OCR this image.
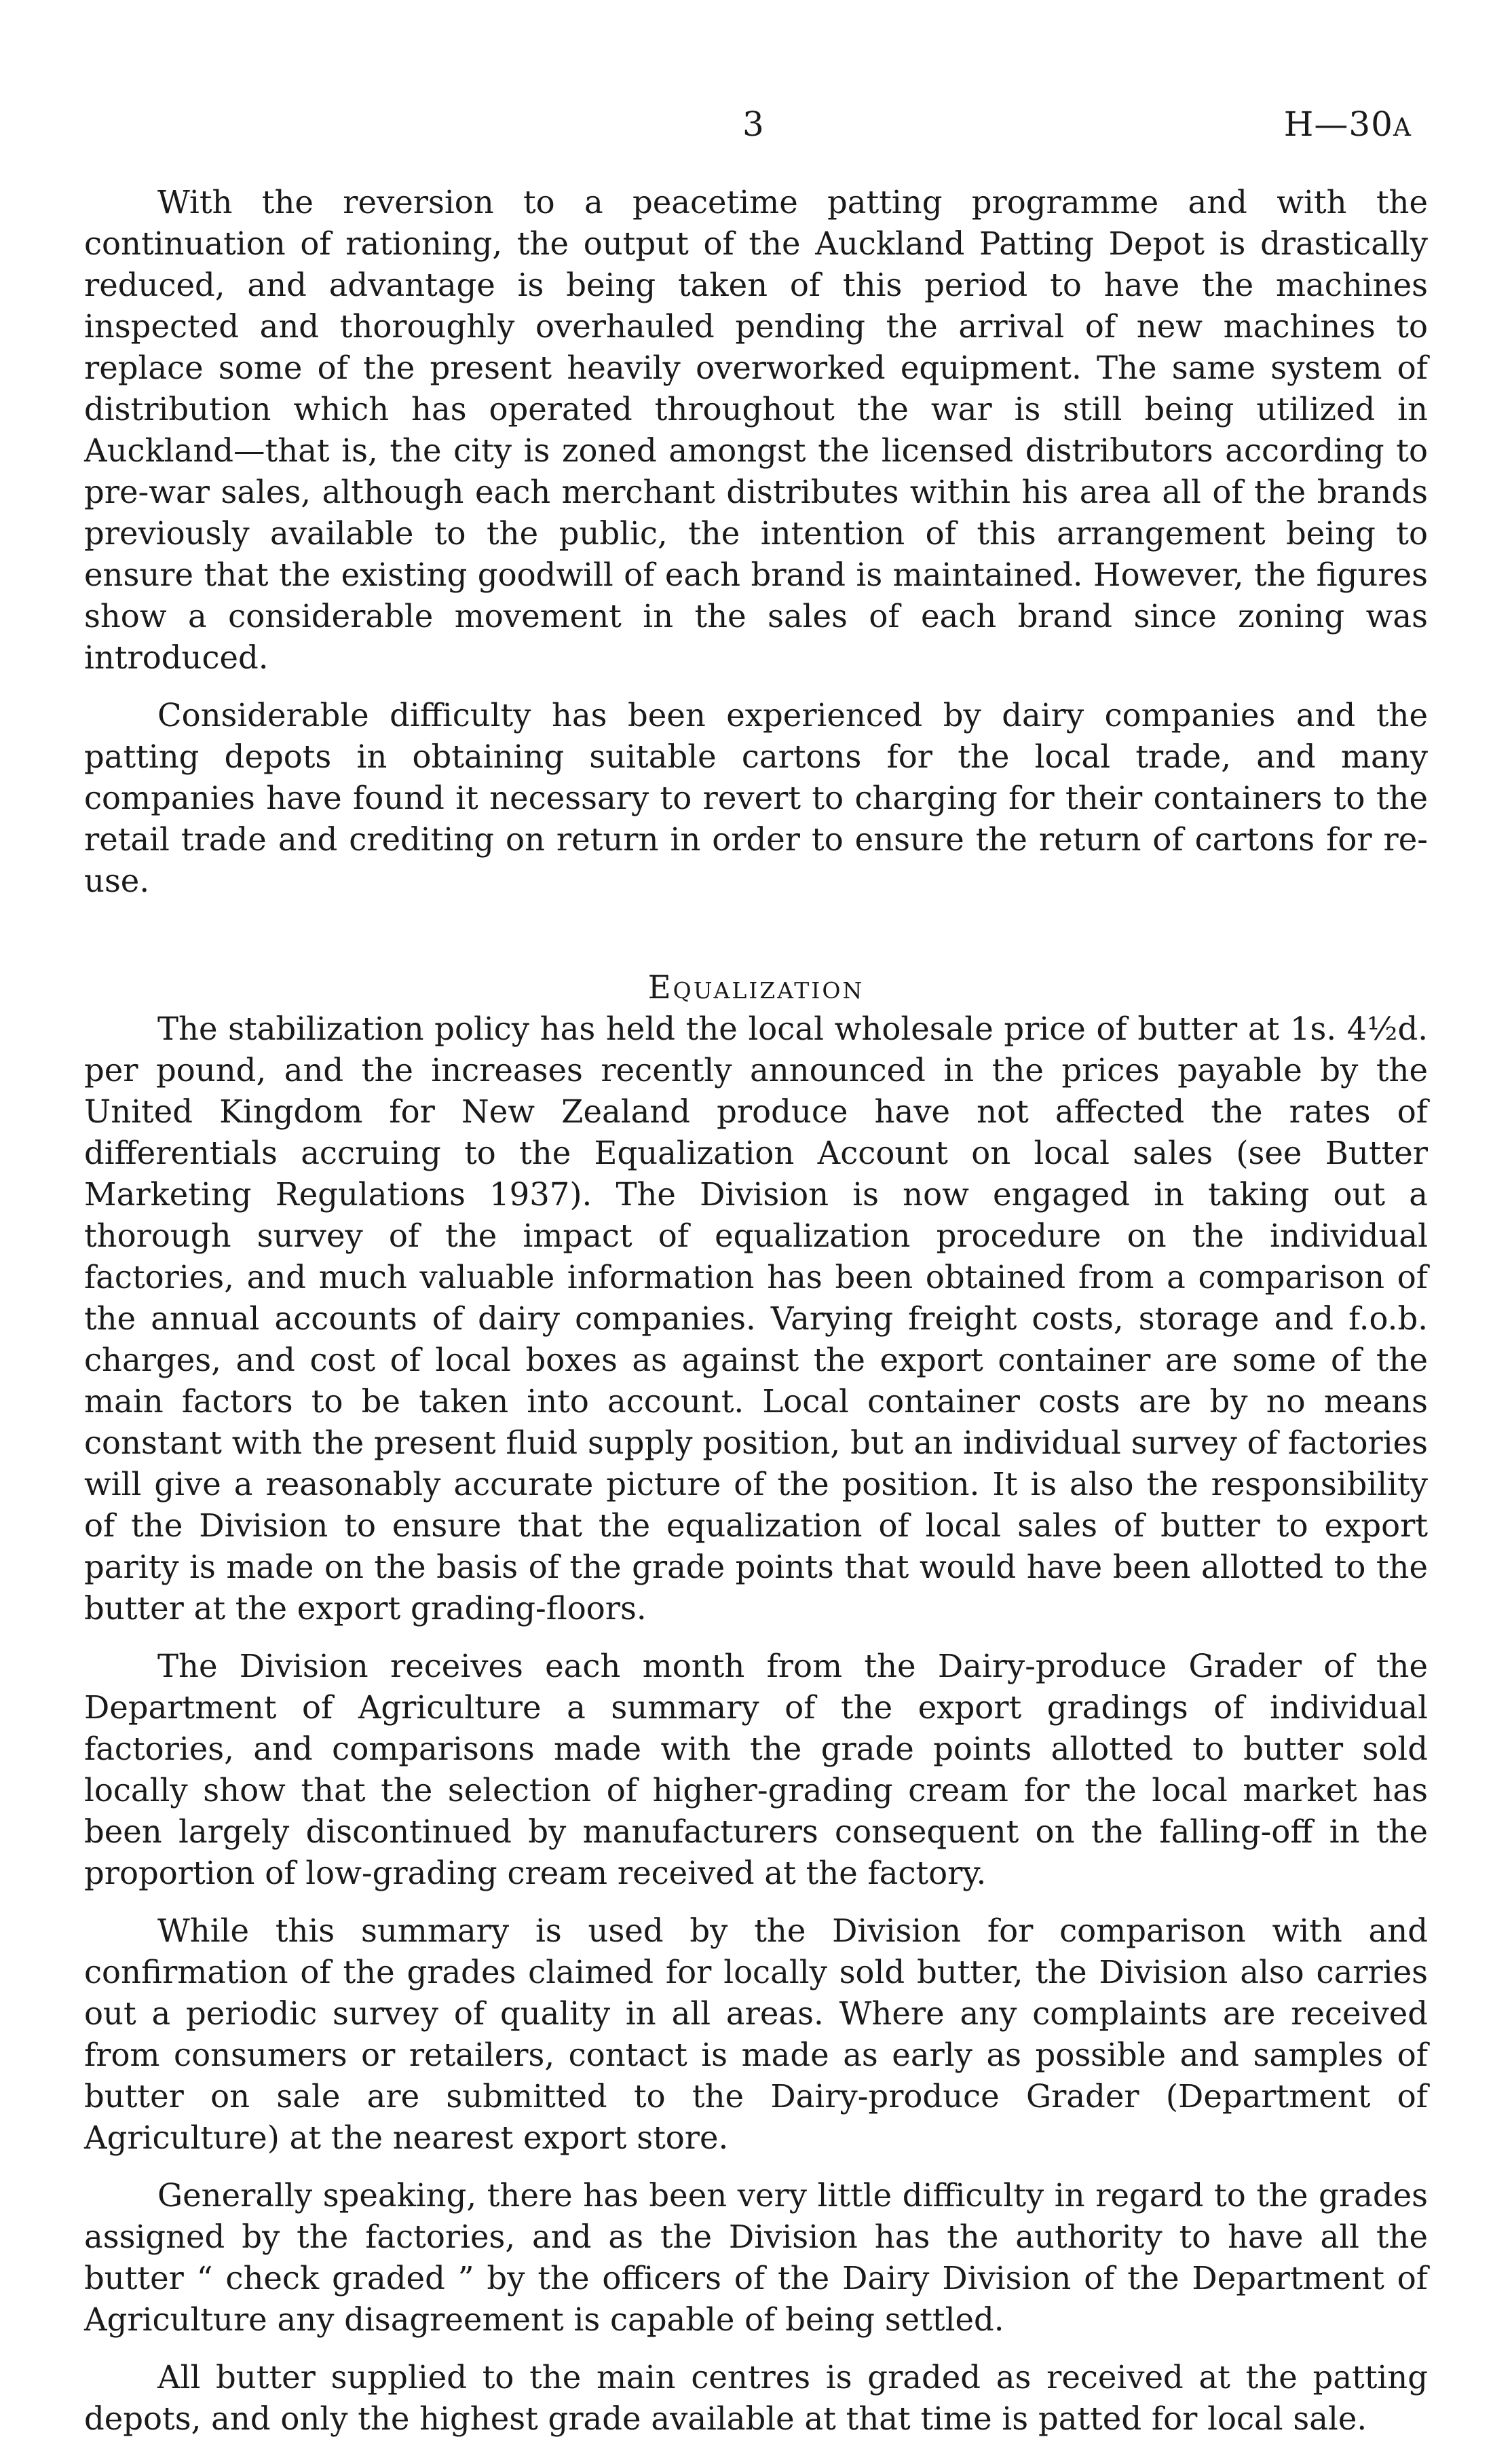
3	H—30A

With the reversion to a peacetime patting programme and with the continuation of rationing, the output of the Auckland Patting Depot is drastically reduced, and advantage is being taken of this period to have the machines inspected and thoroughly overhauled pending the arrival of new machines to replace some of the present heavily overworked equipment. The same system of distribution which has operated throughout the war is still being utilized in Auckland—that is, the city is zoned amongst the licensed distributors according to pre-war sales, although each merchant distributes within his area all of the brands previously available to the public, the intention of this arrangement being to ensure that the existing goodwill of each brand is maintained. However, the figures show a considerable movement in the sales of each brand since zoning was introduced.

Considerable difficulty has been experienced by dairy companies and the patting depots in obtaining suitable cartons for the local trade, and many companies have found it necessary to revert to charging for their containers to the retail trade and crediting on return in order to ensure the return of cartons for re-use.

Equalization

The stabilization policy has held the local wholesale price of butter at 1s. 4½d. per pound, and the increases recently announced in the prices payable by the United Kingdom for New Zealand produce have not affected the rates of differentials accruing to the Equalization Account on local sales (see Butter Marketing Regulations 1937). The Division is now engaged in taking out a thorough survey of the impact of equalization procedure on the individual factories, and much valuable information has been obtained from a comparison of the annual accounts of dairy companies. Varying freight costs, storage and f.o.b. charges, and cost of local boxes as against the export container are some of the main factors to be taken into account. Local container costs are by no means constant with the present fluid supply position, but an individual survey of factories will give a reasonably accurate picture of the position. It is also the responsibility of the Division to ensure that the equalization of local sales of butter to export parity is made on the basis of the grade points that would have been allotted to the butter at the export grading-floors.

The Division receives each month from the Dairy-produce Grader of the Department of Agriculture a summary of the export gradings of individual factories, and comparisons made with the grade points allotted to butter sold locally show that the selection of higher-grading cream for the local market has been largely discontinued by manufacturers consequent on the falling-off in the proportion of low-grading cream received at the factory.

While this summary is used by the Division for comparison with and confirmation of the grades claimed for locally sold butter, the Division also carries out a periodic survey of quality in all areas. Where any complaints are received from consumers or retailers, contact is made as early as possible and samples of butter on sale are submitted to the Dairy-produce Grader (Department of Agriculture) at the nearest export store.

Generally speaking, there has been very little difficulty in regard to the grades assigned by the factories, and as the Division has the authority to have all the butter “ check graded ” by the officers of the Dairy Division of the Department of Agriculture any disagreement is capable of being settled.

All butter supplied to the main centres is graded as received at the patting depots, and only the highest grade available at that time is patted for local sale.
